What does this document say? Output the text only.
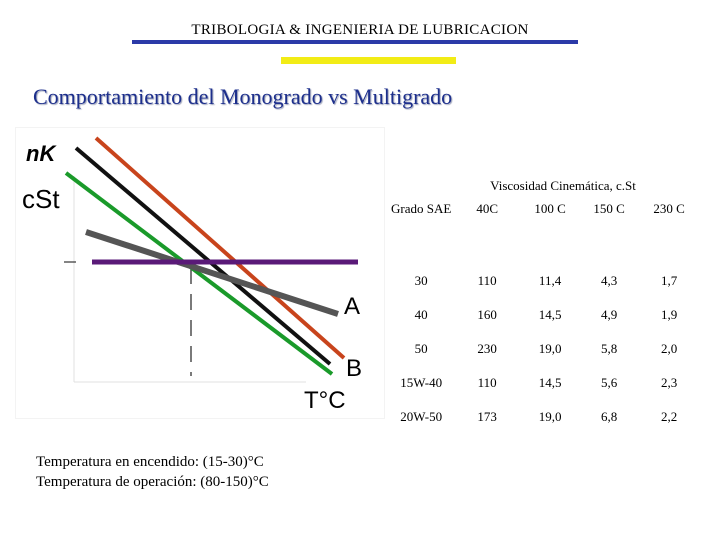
TRIBOLOGIA & INGENIERIA DE LUBRICACION
Comportamiento del Monogrado vs Multigrado
nK
cSt
A
B
T°C
Viscosidad Cinemática, c.St
Grado SAE	40C	100 C	150 C	230 C
30	110	11,4	4,3	1,7
40	160	14,5	4,9	1,9
50	230	19,0	5,8	2,0
15W-40	110	14,5	5,6	2,3
20W-50	173	19,0	6,8	2,2
Temperatura en encendido: (15-30)°C
Temperatura de operación: (80-150)°C
